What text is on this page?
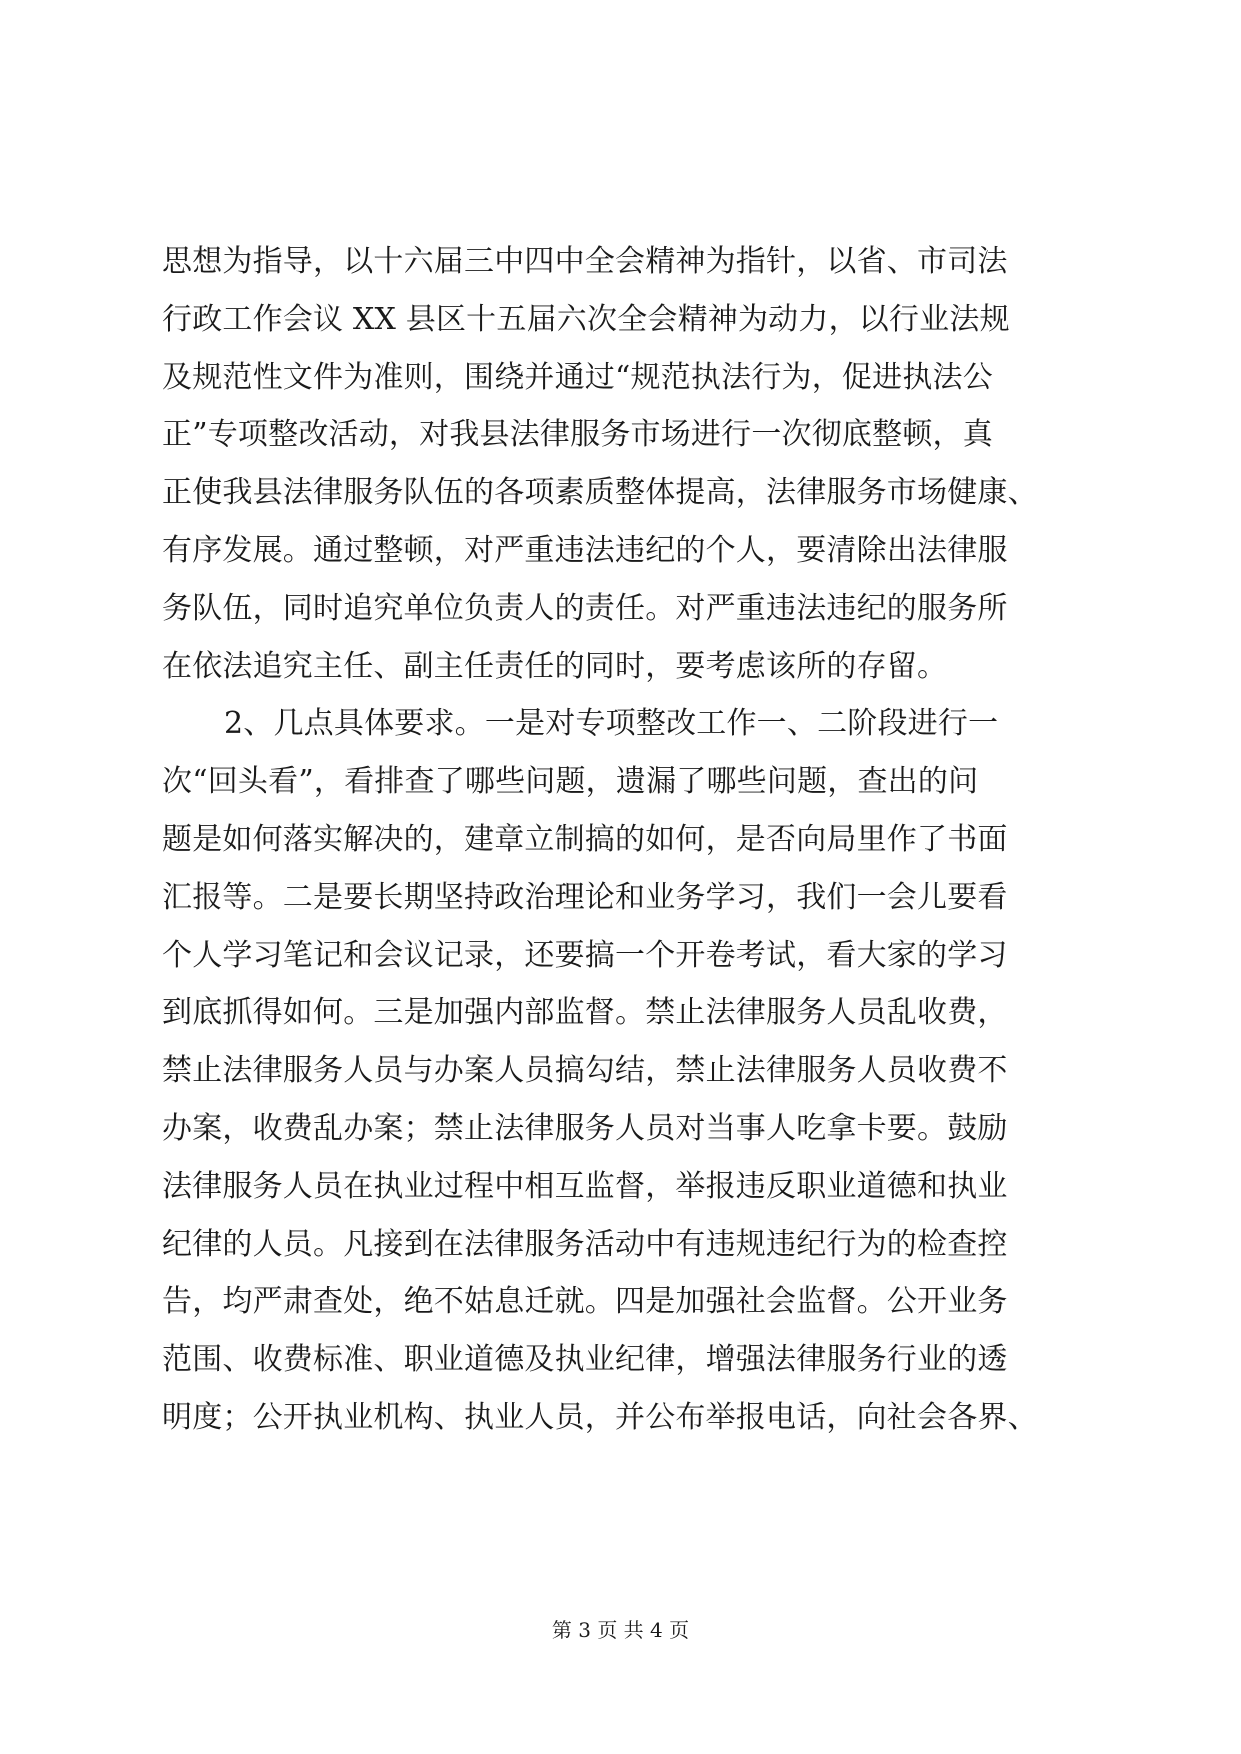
思想为指导，以十六届三中四中全会精神为指针，以省、市司法
行政工作会议 XX 县区十五届六次全会精神为动力，以行业法规
及规范性文件为准则，围绕并通过“规范执法行为，促进执法公
正”专项整改活动，对我县法律服务市场进行一次彻底整顿，真
正使我县法律服务队伍的各项素质整体提高，法律服务市场健康、
有序发展。通过整顿，对严重违法违纪的个人，要清除出法律服
务队伍，同时追究单位负责人的责任。对严重违法违纪的服务所
在依法追究主任、副主任责任的同时，要考虑该所的存留。
2、几点具体要求。一是对专项整改工作一、二阶段进行一
次“回头看”，看排查了哪些问题，遗漏了哪些问题，查出的问
题是如何落实解决的，建章立制搞的如何，是否向局里作了书面
汇报等。二是要长期坚持政治理论和业务学习，我们一会儿要看
个人学习笔记和会议记录，还要搞一个开卷考试，看大家的学习
到底抓得如何。三是加强内部监督。禁止法律服务人员乱收费，
禁止法律服务人员与办案人员搞勾结，禁止法律服务人员收费不
办案，收费乱办案；禁止法律服务人员对当事人吃拿卡要。鼓励
法律服务人员在执业过程中相互监督，举报违反职业道德和执业
纪律的人员。凡接到在法律服务活动中有违规违纪行为的检查控
告，均严肃查处，绝不姑息迁就。四是加强社会监督。公开业务
范围、收费标准、职业道德及执业纪律，增强法律服务行业的透
明度；公开执业机构、执业人员，并公布举报电话，向社会各界、
第 3 页 共 4 页
